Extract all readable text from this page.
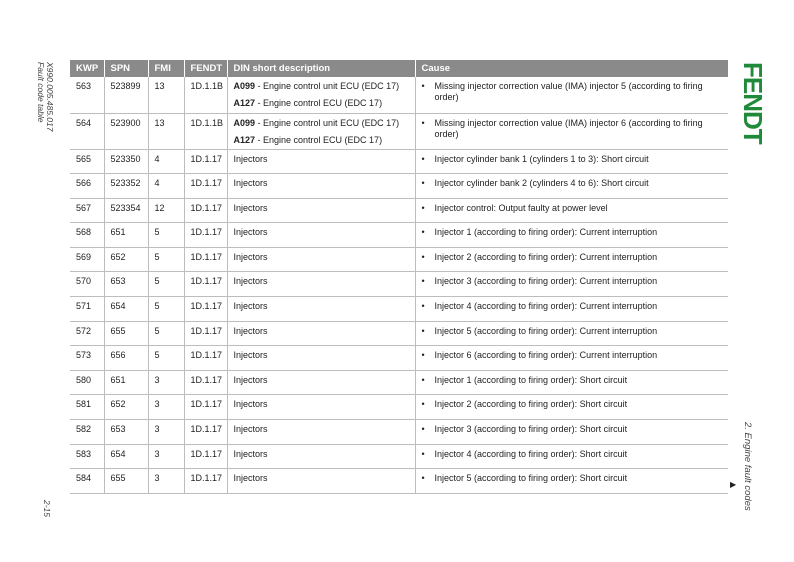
Fault code table X990.005.485.017
2-15
FENDT
2. Engine fault codes
▶
KWP	SPN	FMI	FENDT	DIN short description	Cause
563	523899	13	1D.1.1B	A099 - Engine control unit ECU (EDC 17)
A127 - Engine control ECU (EDC 17)	• Missing injector correction value (IMA) injector 5 (according to firing order)

564	523900	13	1D.1.1B	A099 - Engine control unit ECU (EDC 17)
A127 - Engine control ECU (EDC 17)	• Missing injector correction value (IMA) injector 6 (according to firing order)

565	523350	4	1D.1.17	Injectors	• Injector cylinder bank 1 (cylinders 1 to 3): Short circuit

566	523352	4	1D.1.17	Injectors	• Injector cylinder bank 2 (cylinders 4 to 6): Short circuit

567	523354	12	1D.1.17	Injectors	• Injector control: Output faulty at power level

568	651	5	1D.1.17	Injectors	• Injector 1 (according to firing order): Current interruption

569	652	5	1D.1.17	Injectors	• Injector 2 (according to firing order): Current interruption

570	653	5	1D.1.17	Injectors	• Injector 3 (according to firing order): Current interruption

571	654	5	1D.1.17	Injectors	• Injector 4 (according to firing order): Current interruption

572	655	5	1D.1.17	Injectors	• Injector 5 (according to firing order): Current interruption

573	656	5	1D.1.17	Injectors	• Injector 6 (according to firing order): Current interruption

580	651	3	1D.1.17	Injectors	• Injector 1 (according to firing order): Short circuit

581	652	3	1D.1.17	Injectors	• Injector 2 (according to firing order): Short circuit

582	653	3	1D.1.17	Injectors	• Injector 3 (according to firing order): Short circuit

583	654	3	1D.1.17	Injectors	• Injector 4 (according to firing order): Short circuit

584	655	3	1D.1.17	Injectors	• Injector 5 (according to firing order): Short circuit
